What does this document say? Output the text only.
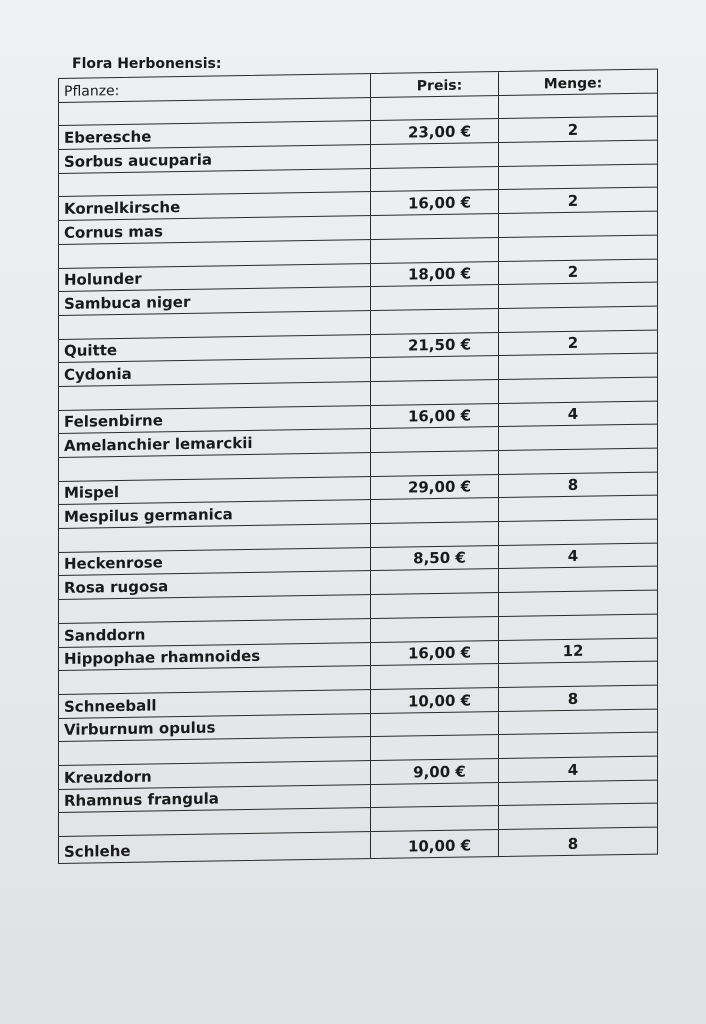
Flora Herbonensis:
Pflanze:	Preis:	Menge:
Eberesche	23,00 €	2
Sorbus aucuparia
Kornelkirsche	16,00 €	2
Cornus mas
Holunder	18,00 €	2
Sambuca niger
Quitte	21,50 €	2
Cydonia
Felsenbirne	16,00 €	4
Amelanchier lemarckii
Mispel	29,00 €	8
Mespilus germanica
Heckenrose	8,50 €	4
Rosa rugosa
Sanddorn
Hippophae rhamnoides	16,00 €	12
Schneeball	10,00 €	8
Virburnum opulus
Kreuzdorn	9,00 €	4
Rhamnus frangula
Schlehe	10,00 €	8
